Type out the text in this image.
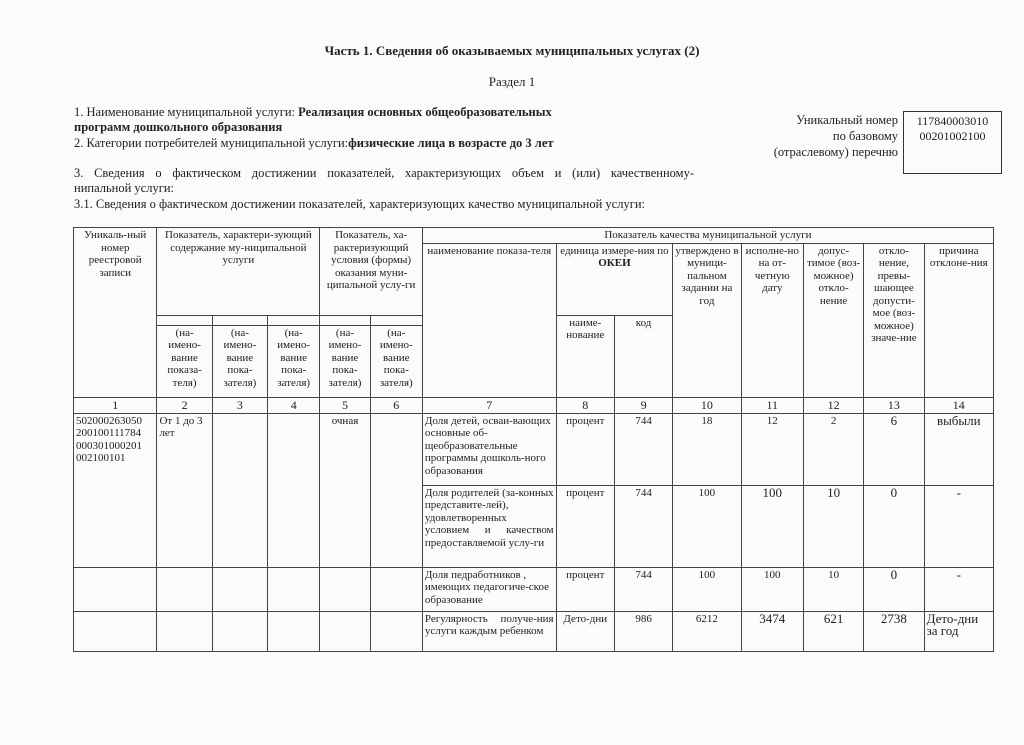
Часть 1. Сведения об оказываемых муниципальных услугах (2)
Раздел 1
1. Наименование муниципальной услуги: Реализация основных общеобразовательных
программ дошкольного образования
2. Категории потребителей муниципальной услуги:физические лица в возрасте до 3 лет
3. Сведения о фактическом достижении показателей, характеризующих объем и (или) качественному-
нипальной услуги:
3.1. Сведения о фактическом достижении показателей, характеризующих качество муниципальной услуги:
Уникальный номер
по базовому
(отраслевому) перечню
117840003010
00201002100
Уникаль-ный номер реестровой записи	Показатель, характери-зующий содержание му-ниципальной услуги			Показатель, ха-рактеризующий условия (формы) оказания муни-ципальной услу-ги		Показатель качества муниципальной услуги							
						наименование показа-теля	единица измере-ния по ОКЕИ		утверждено в муници-пальном задании на год	исполне-но на от-четную дату	допус-тимое (воз-можное) откло-нение	откло-нение, превы-шающее допусти-мое (воз-можное) значе-ние	причина отклоне-ния
							наиме-нование	код					
	(на-имено-вание показа-теля)	(на-имено-вание пока-зателя)	(на-имено-вание пока-зателя)	(на-имено-вание пока-зателя)	(на-имено-вание пока-зателя)								
1	2	3	4	5	6	7	8	9	10	11	12	13	14
502000263050 200100111784 000301000201 002100101	От 1 до 3 лет			очная		Доля детей, осваи-вающих основные об-щеобразовательные программы дошколь-ного образования	процент	744	18	12	2	6	выбыли
						Доля родителей (за-конных представите-лей), удовлетворенных условием и качеством предоставляемой услу-ги	процент	744	100	100	10	0	-
						Доля педработников , имеющих педагогиче-ское образование	процент	744	100	100	10	0	-
						Регулярность получе-ния услуги каждым ребенком	Дето-дни	986	6212	3474	621	2738	Дето-дни за год
